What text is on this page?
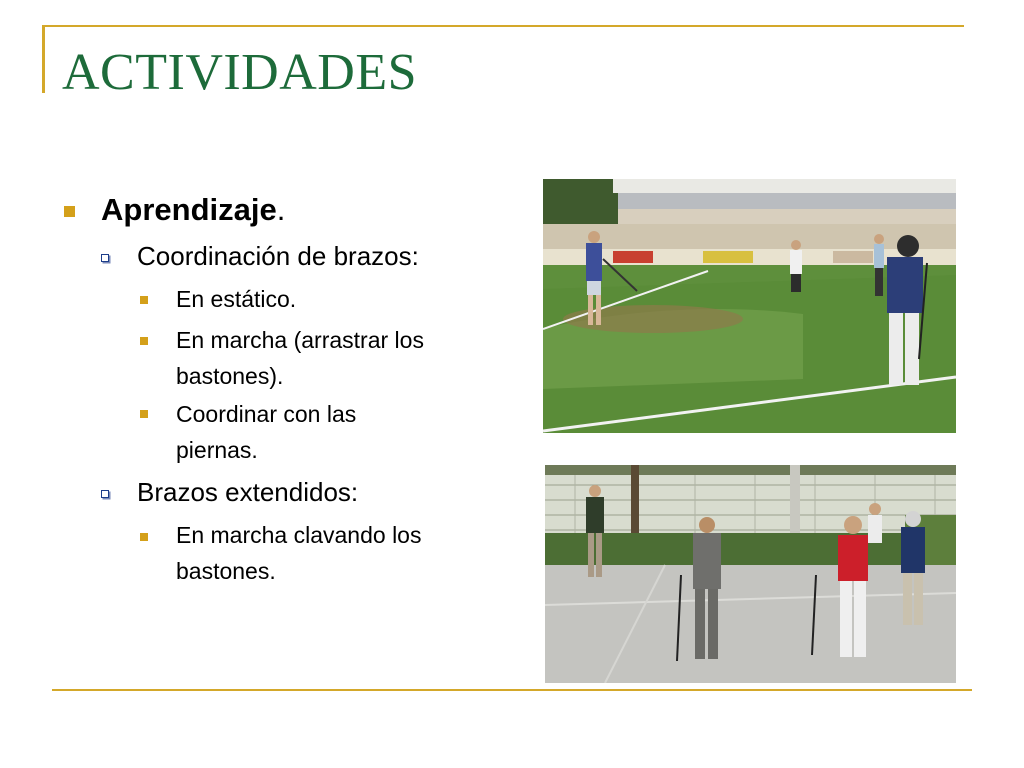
ACTIVIDADES
Aprendizaje.
Coordinación de brazos:
En estático.
En marcha (arrastrar los bastones).
Coordinar con las piernas.
Brazos extendidos:
En marcha clavando los bastones.
